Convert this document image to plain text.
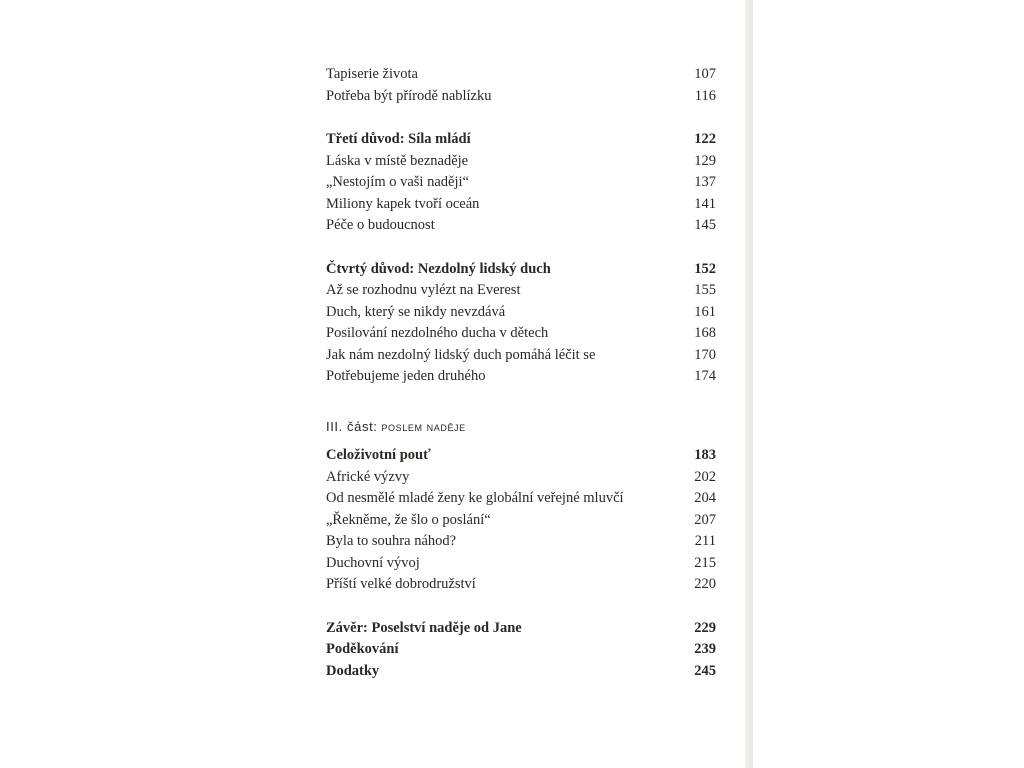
Tapiserie života	107
Potřeba být přírodě nablízku	116
Třetí důvod: Síla mládí	122
Láska v místě beznaděje	129
„Nestojím o vaši naději“	137
Miliony kapek tvoří oceán	141
Péče o budoucnost	145
Čtvrtý důvod: Nezdolný lidský duch	152
Až se rozhodnu vylézt na Everest	155
Duch, který se nikdy nevzdává	161
Posilování nezdolného ducha v dětech	168
Jak nám nezdolný lidský duch pomáhá léčit se	170
Potřebujeme jeden druhého	174
III. část: poslem naděje
Celoživotní pouť	183
Africké výzvy	202
Od nesmělé mladé ženy ke globální veřejné mluvčí	204
„Řekněme, že šlo o poslání“	207
Byla to souhra náhod?	211
Duchovní vývoj	215
Příští velké dobrodružství	220
Závěr: Poselství naděje od Jane	229
Poděkování	239
Dodatky	245
